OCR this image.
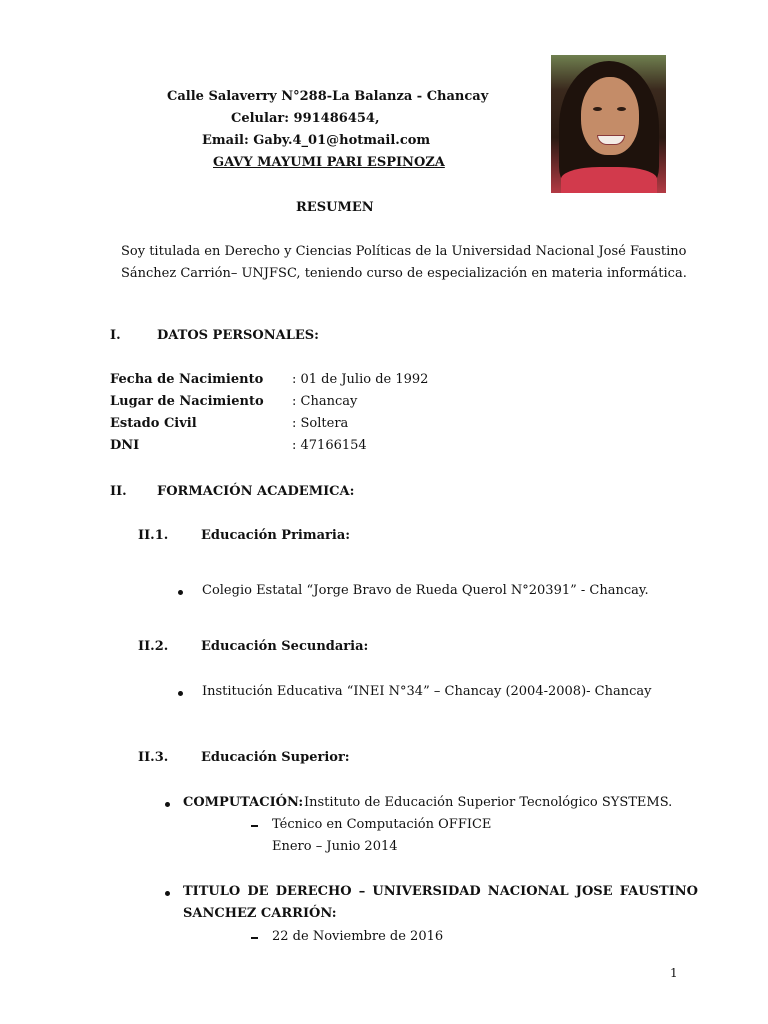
Calle Salaverry N°288-La Balanza - Chancay
Celular: 991486454,
Email: Gaby.4_01@hotmail.com
GAVY MAYUMI PARI ESPINOZA
RESUMEN
Soy titulada en Derecho y Ciencias Políticas de la Universidad Nacional José Faustino
Sánchez Carrión– UNJFSC, teniendo curso de especialización en materia informática.
I.	DATOS PERSONALES:
Fecha de Nacimiento : 01 de Julio de 1992
Lugar de Nacimiento : Chancay
Estado Civil	: Soltera
DNI	: 47166154
II. FORMACIÓN ACADEMICA:
II.1.	Educación Primaria:
Colegio Estatal “Jorge Bravo de Rueda Querol N°20391” - Chancay.
II.2.	Educación Secundaria:
Institución Educativa “INEI N°34” – Chancay (2004-2008)- Chancay
II.3.	Educación Superior:
COMPUTACIÓN: Instituto de Educación Superior Tecnológico SYSTEMS.
Técnico en Computación OFFICE
Enero – Junio 2014
TITULO DE DERECHO – UNIVERSIDAD NACIONAL JOSE FAUSTINO
SANCHEZ CARRIÓN:
22 de Noviembre de 2016
1
